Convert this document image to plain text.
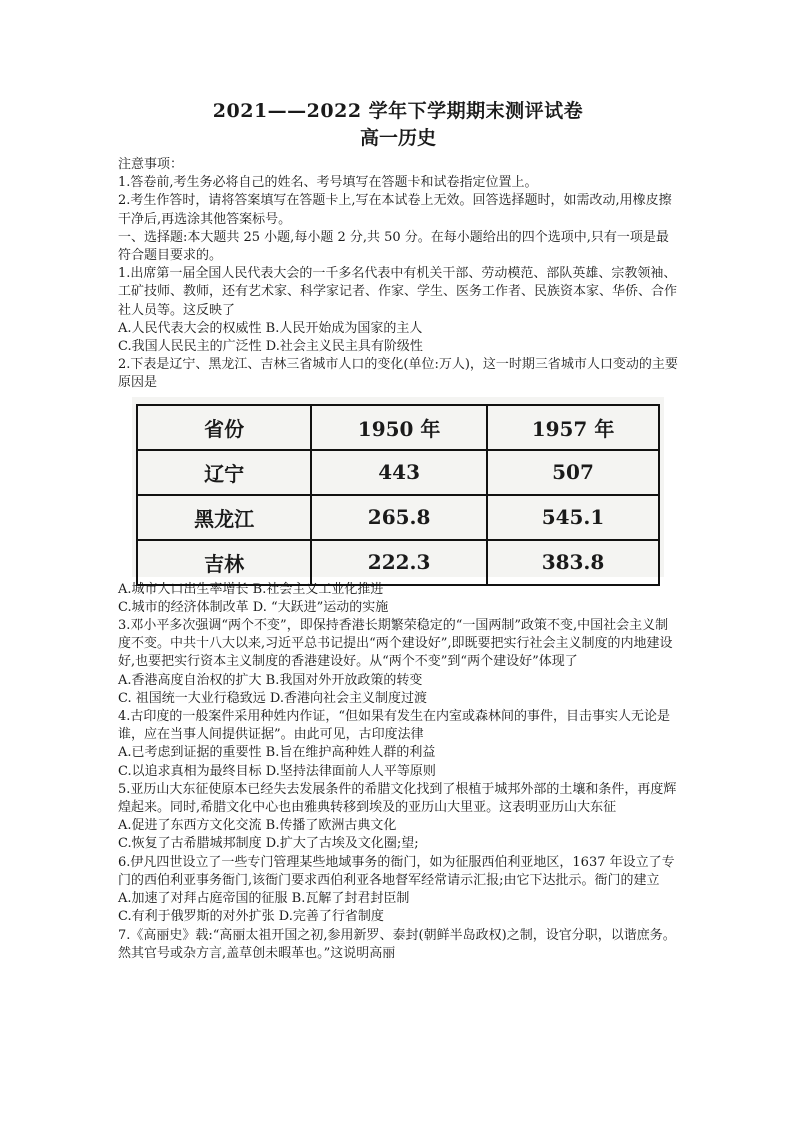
2021——2022 学年下学期期末测评试卷

高一历史

注意事项：

1.答卷前,考生务必将自己的姓名、考号填写在答题卡和试卷指定位置上。

2.考生作答时，请将答案填写在答题卡上,写在本试卷上无效。回答选择题时，如需改动,用橡皮擦干净后,再选涂其他答案标号。

一、选择题:本大题共 25 小题,每小题 2 分,共 50 分。在每小题给出的四个选项中,只有一项是最符合题目要求的。

1.出席第一届全国人民代表大会的一千多名代表中有机关干部、劳动模范、部队英雄、宗教领袖、工矿技师、教师，还有艺术家、科学家记者、作家、学生、医务工作者、民族资本家、华侨、合作社人员等。这反映了

A.人民代表大会的权威性 B.人民开始成为国家的主人

C.我国人民民主的广泛性 D.社会主义民主具有阶级性

2.下表是辽宁、黑龙江、吉林三省城市人口的变化(单位:万人)，这一时期三省城市人口变动的主要原因是

省份	1950 年	1957 年
辽宁	443	507
黑龙江	265.8	545.1
吉林	222.3	383.8

A.城市人口出生率增长 B.社会主义工业化推进

C.城市的经济体制改革 D. “大跃进”运动的实施

3.邓小平多次强调“两个不变”，即保持香港长期繁荣稳定的“一国两制”政策不变,中国社会主义制度不变。中共十八大以来,习近平总书记提出“两个建设好”,即既要把实行社会主义制度的内地建设好,也要把实行资本主义制度的香港建设好。从“两个不变”到“两个建设好”体现了

A.香港高度自治权的扩大 B.我国对外开放政策的转变

C. 祖国统一大业行稳致远 D.香港向社会主义制度过渡

4.古印度的一般案件采用种姓内作证，“但如果有发生在内室或森林间的事件，目击事实人无论是谁，应在当事人间提供证据”。由此可见，古印度法律

A.已考虑到证据的重要性 B.旨在维护高种姓人群的利益

C.以追求真相为最终目标 D.坚持法律面前人人平等原则

5.亚历山大东征使原本已经失去发展条件的希腊文化找到了根植于城邦外部的土壤和条件，再度辉煌起来。同时,希腊文化中心也由雅典转移到埃及的亚历山大里亚。这表明亚历山大东征

A.促进了东西方文化交流 B.传播了欧洲古典文化

C.恢复了古希腊城邦制度 D.扩大了古埃及文化圈;望;

6.伊凡四世设立了一些专门管理某些地域事务的衙门，如为征服西伯利亚地区，1637 年设立了专门的西伯利亚事务衙门,该衙门要求西伯利亚各地督军经常请示汇报;由它下达批示。衙门的建立

A.加速了对拜占庭帝国的征服 B.瓦解了封君封臣制

C.有利于俄罗斯的对外扩张 D.完善了行省制度

7.《高丽史》载:“高丽太祖开国之初,参用新罗、泰封(朝鲜半岛政权)之制，设官分职，以谐庶务。然其官号或杂方言,盖草创未暇革也。”这说明高丽
